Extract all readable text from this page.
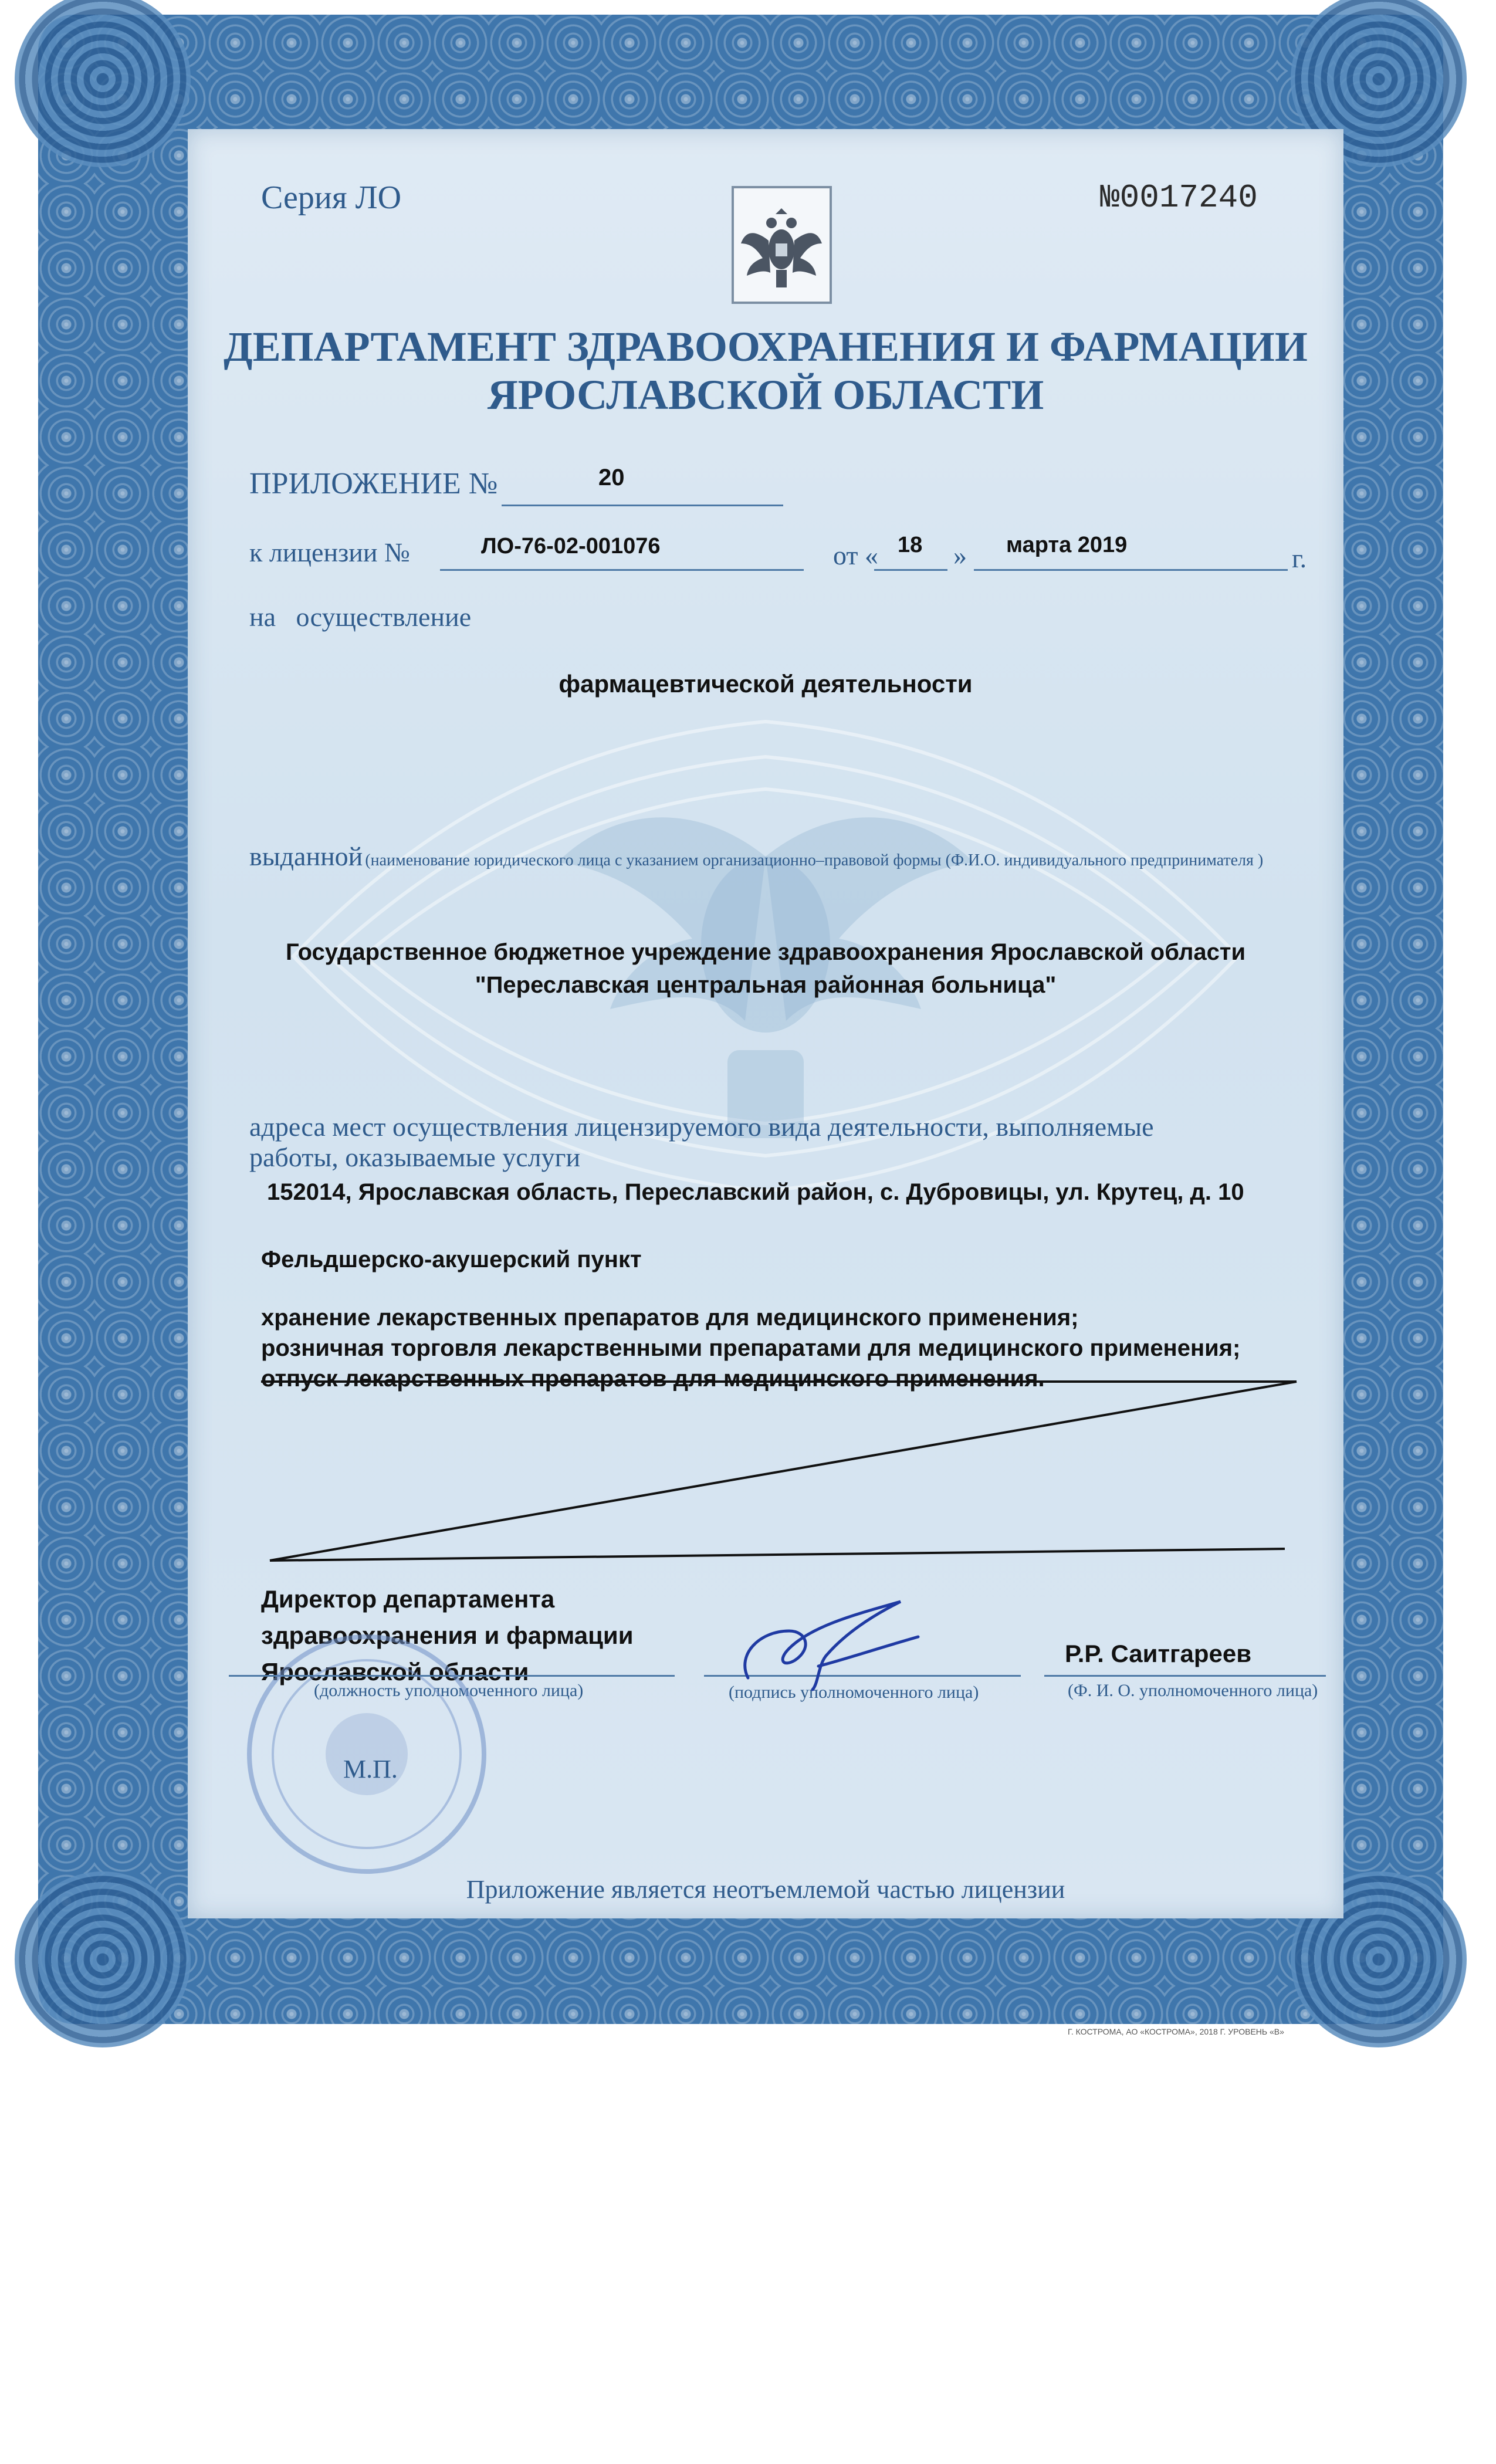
Серия ЛО	№0017240
ДЕПАРТАМЕНТ ЗДРАВООХРАНЕНИЯ И ФАРМАЦИИ
ЯРОСЛАВСКОЙ ОБЛАСТИ
ПРИЛОЖЕНИЕ №	20
к лицензии №	ЛО-76-02-001076	от « 18 » марта 2019	г.
на   осуществление
фармацевтической деятельности
выданной (наименование юридического лица с указанием организационно–правовой формы (Ф.И.О. индивидуального предпринимателя )
Государственное бюджетное учреждение здравоохранения Ярославской области
"Переславская центральная районная больница"
адреса мест осуществления лицензируемого вида деятельности, выполняемые
работы, оказываемые услуги
152014, Ярославская область, Переславский район, с. Дубровицы, ул. Крутец, д. 10
Фельдшерско-акушерский пункт
хранение лекарственных препаратов для медицинского применения;
розничная торговля лекарственными препаратами для медицинского применения;
отпуск лекарственных препаратов для медицинского применения.
Директор департамента
здравоохранения и фармации
Ярославской области
(должность уполномоченного лица)	(подпись уполномоченного лица)
Р.Р. Саитгареев
(Ф. И. О. уполномоченного лица)
М.П.
Приложение является неотъемлемой частью лицензии
Г. КОСТРОМА, АО «КОСТРОМА», 2018 Г. УРОВЕНЬ «В»
